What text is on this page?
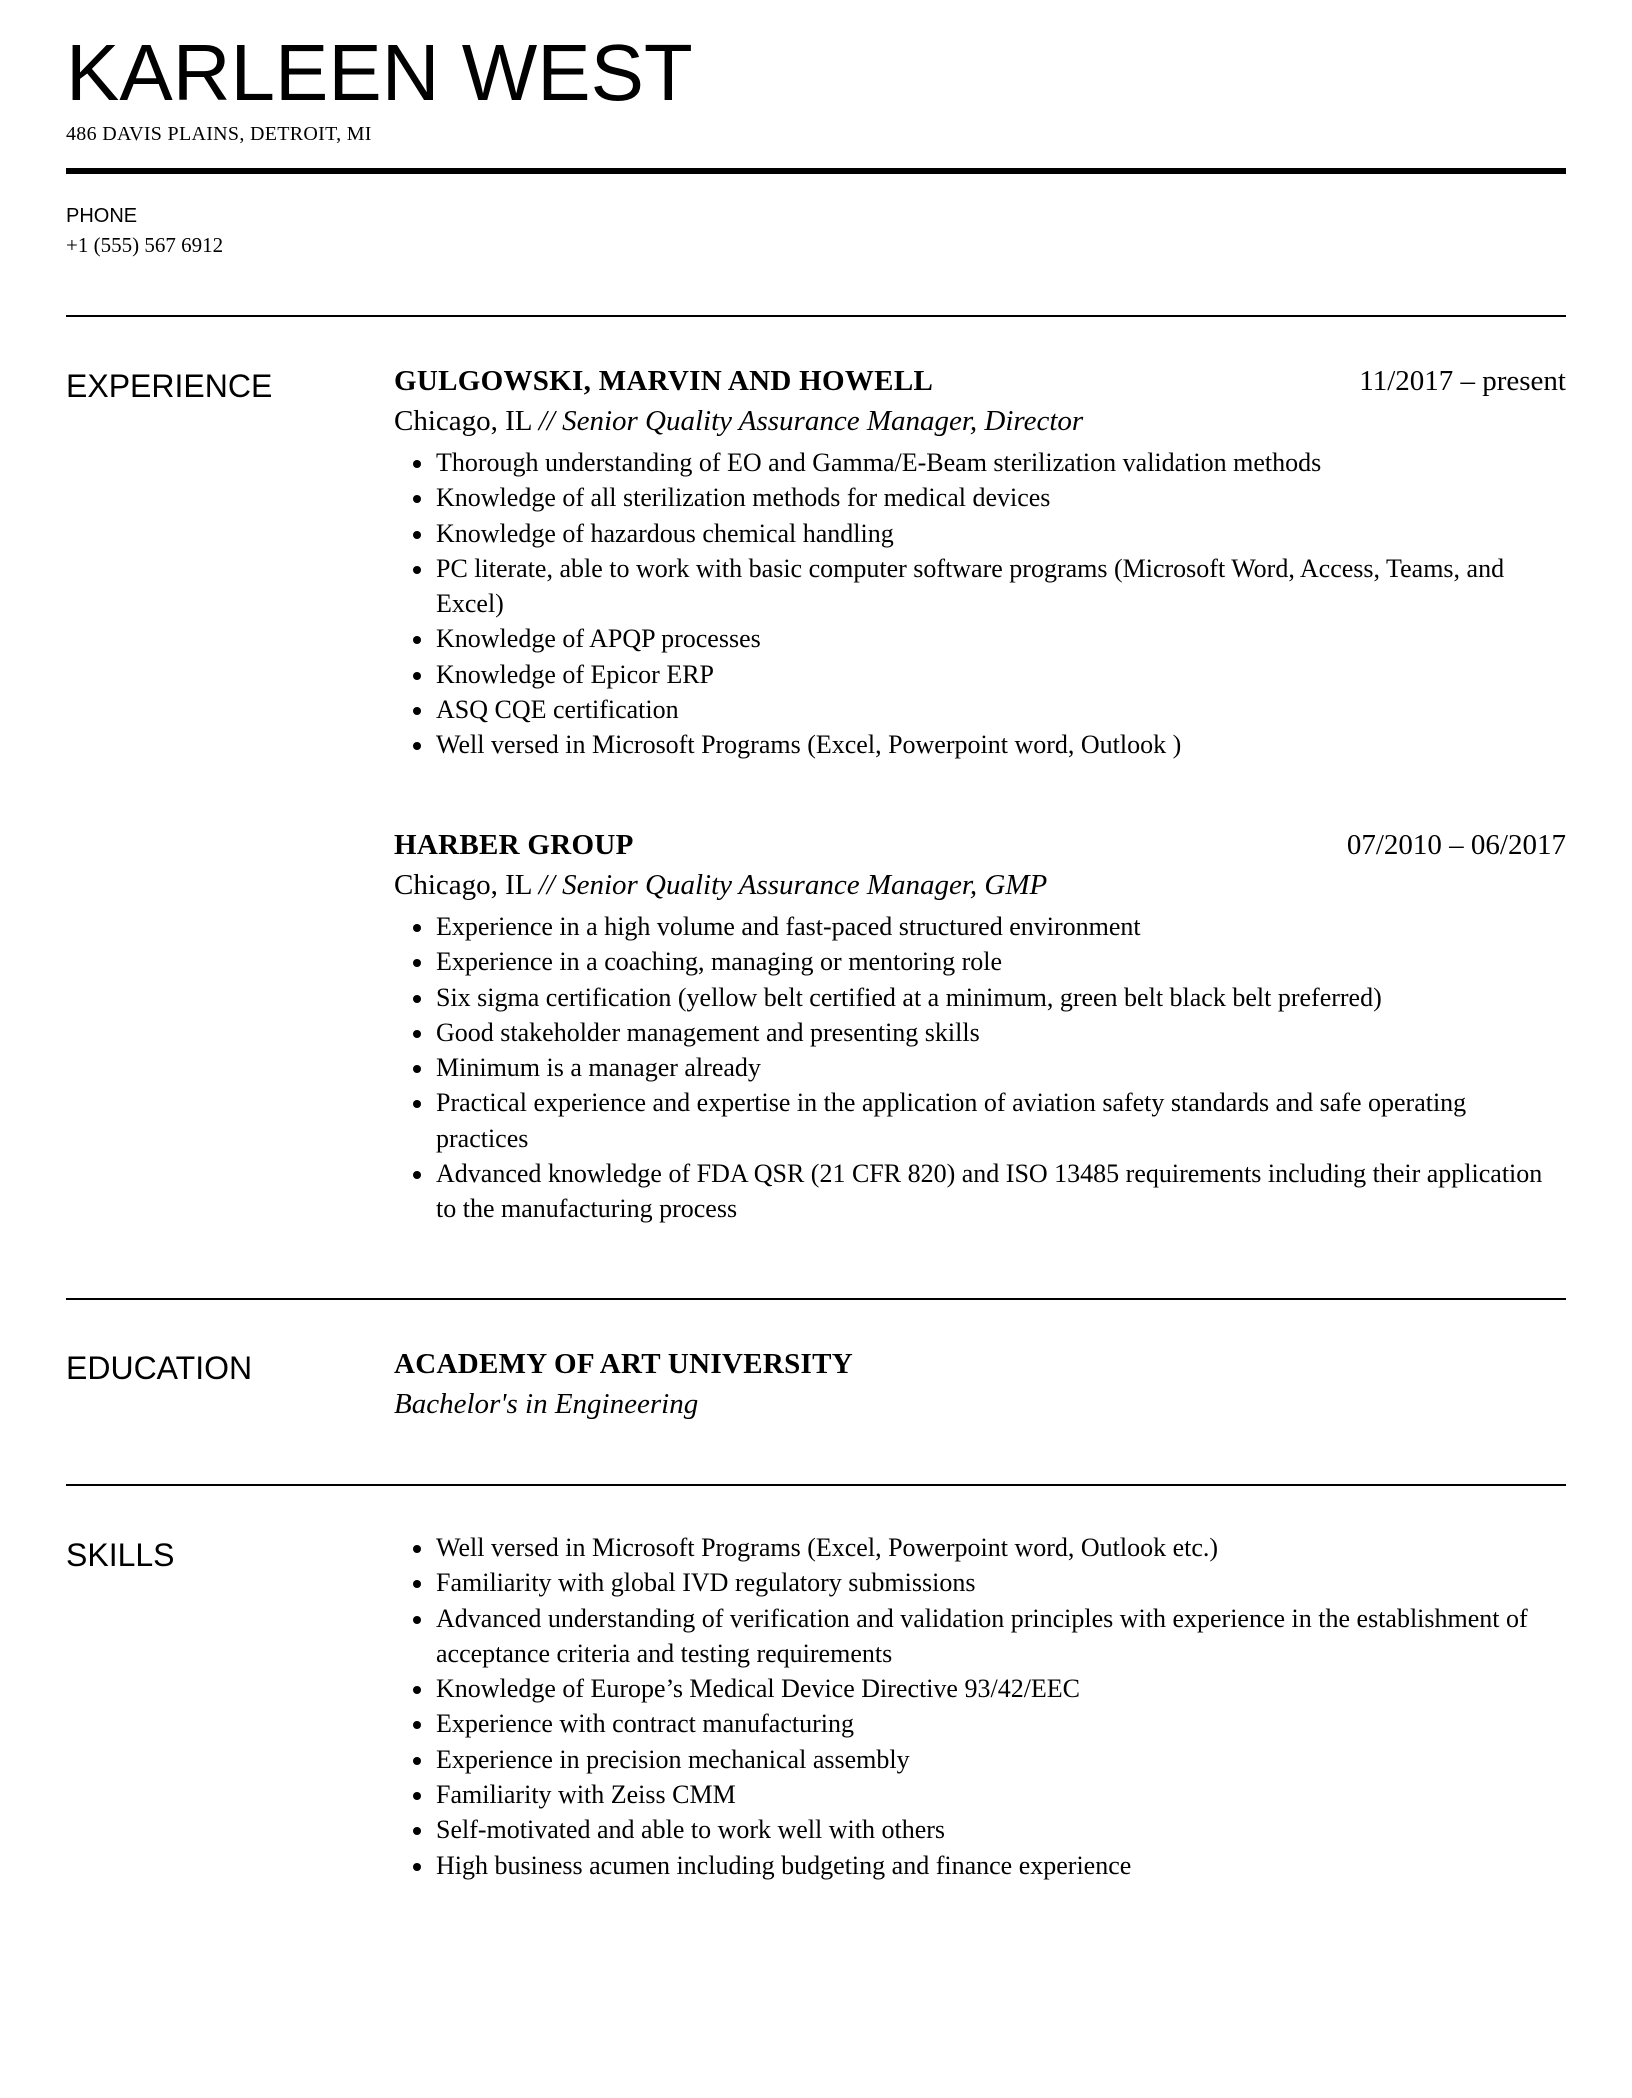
KARLEEN WEST
486 DAVIS PLAINS, DETROIT, MI
PHONE
+1 (555) 567 6912
EXPERIENCE	GULGOWSKI, MARVIN AND HOWELL	11/2017 – present
Chicago, IL // Senior Quality Assurance Manager, Director
Thorough understanding of EO and Gamma/E-Beam sterilization validation methods
Knowledge of all sterilization methods for medical devices
Knowledge of hazardous chemical handling
PC literate, able to work with basic computer software programs (Microsoft Word, Access, Teams, and Excel)
Knowledge of APQP processes
Knowledge of Epicor ERP
ASQ CQE certification
Well versed in Microsoft Programs (Excel, Powerpoint word, Outlook )
HARBER GROUP	07/2010 – 06/2017
Chicago, IL // Senior Quality Assurance Manager, GMP
Experience in a high volume and fast-paced structured environment
Experience in a coaching, managing or mentoring role
Six sigma certification (yellow belt certified at a minimum, green belt black belt preferred)
Good stakeholder management and presenting skills
Minimum is a manager already
Practical experience and expertise in the application of aviation safety standards and safe operating practices
Advanced knowledge of FDA QSR (21 CFR 820) and ISO 13485 requirements including their application to the manufacturing process
EDUCATION	ACADEMY OF ART UNIVERSITY
Bachelor's in Engineering
SKILLS	Well versed in Microsoft Programs (Excel, Powerpoint word, Outlook etc.)
Familiarity with global IVD regulatory submissions
Advanced understanding of verification and validation principles with experience in the establishment of acceptance criteria and testing requirements
Knowledge of Europe’s Medical Device Directive 93/42/EEC
Experience with contract manufacturing
Experience in precision mechanical assembly
Familiarity with Zeiss CMM
Self-motivated and able to work well with others
High business acumen including budgeting and finance experience
